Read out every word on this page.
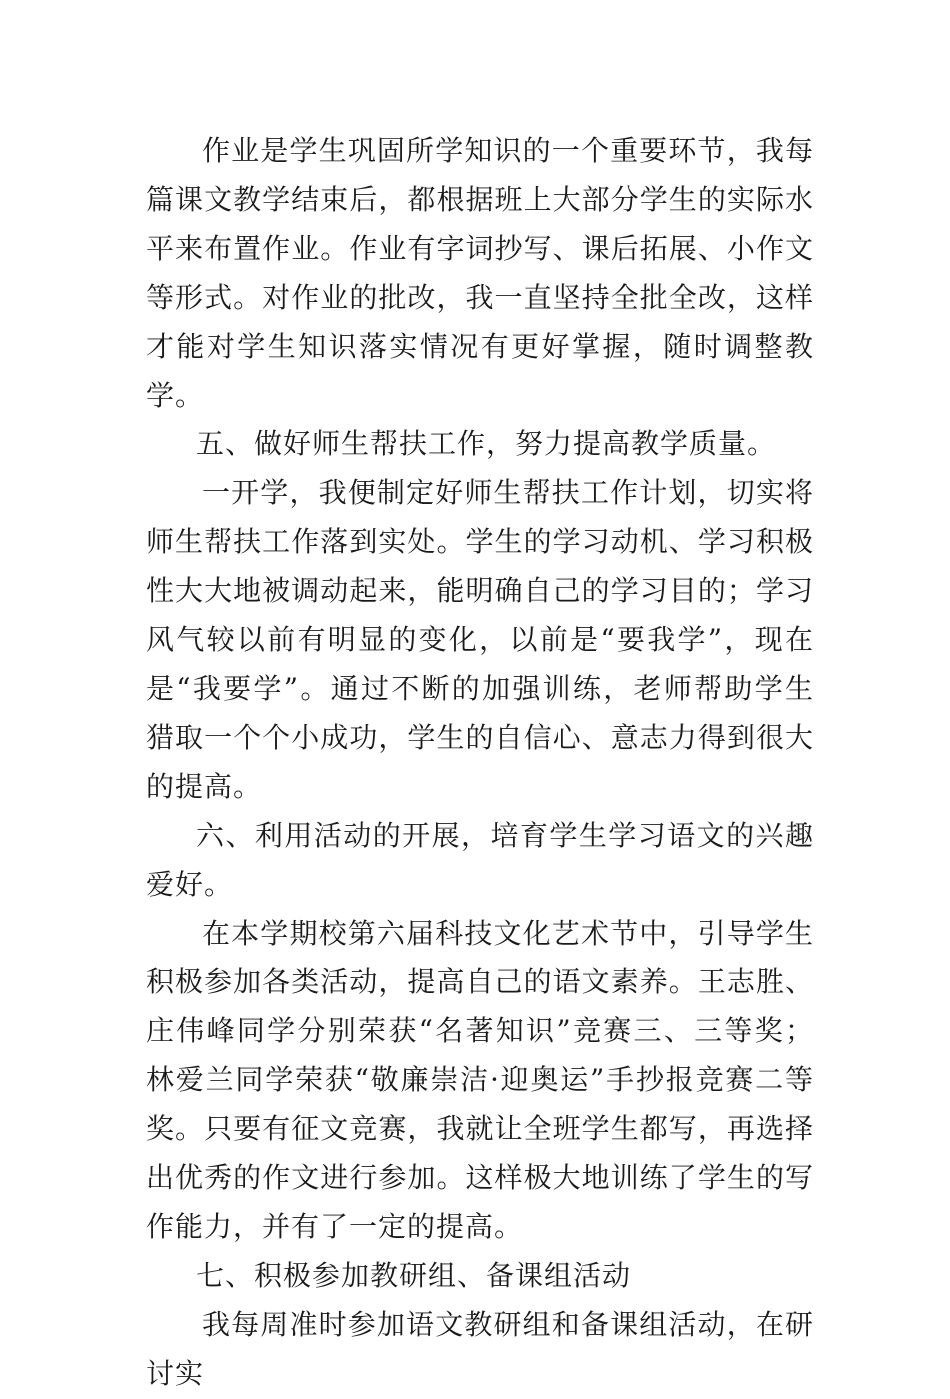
作业是学生巩固所学知识的一个重要环节，我每篇课文教学结束后，都根据班上大部分学生的实际水平来布置作业。作业有字词抄写、课后拓展、小作文等形式。对作业的批改，我一直坚持全批全改，这样才能对学生知识落实情况有更好掌握，随时调整教学。

五、做好师生帮扶工作，努力提高教学质量。

一开学，我便制定好师生帮扶工作计划，切实将师生帮扶工作落到实处。学生的学习动机、学习积极性大大地被调动起来，能明确自己的学习目的；学习风气较以前有明显的变化，以前是“要我学”，现在是“我要学”。通过不断的加强训练，老师帮助学生猎取一个个小成功，学生的自信心、意志力得到很大的提高。

六、利用活动的开展，培育学生学习语文的兴趣爱好。

在本学期校第六届科技文化艺术节中，引导学生积极参加各类活动，提高自己的语文素养。王志胜、庄伟峰同学分别荣获“名著知识”竞赛三、三等奖；林爱兰同学荣获“敬廉崇洁·迎奥运”手抄报竞赛二等奖。只要有征文竞赛，我就让全班学生都写，再选择出优秀的作文进行参加。这样极大地训练了学生的写作能力，并有了一定的提高。

七、积极参加教研组、备课组活动

我每周准时参加语文教研组和备课组活动，在研讨实
